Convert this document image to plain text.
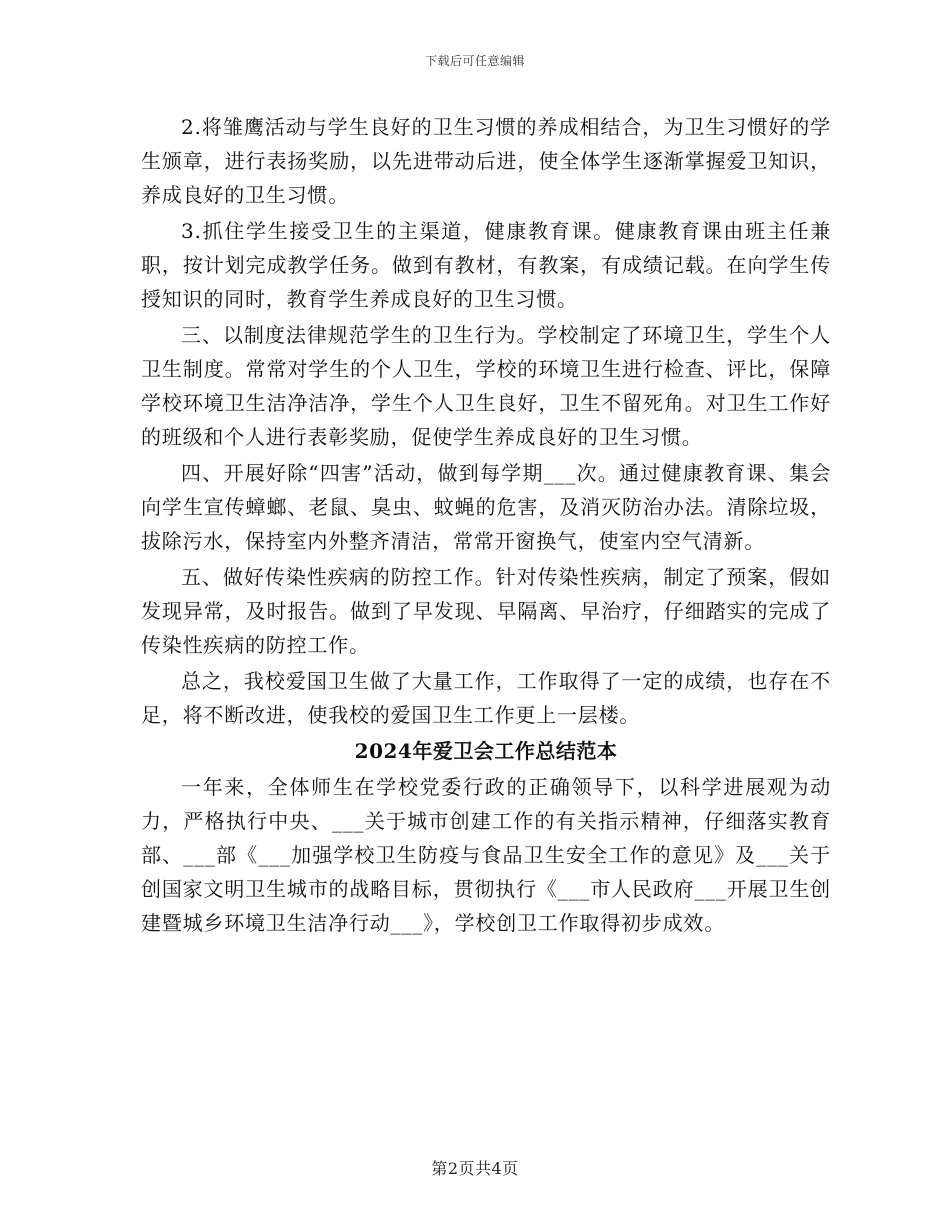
下载后可任意编辑

2.将雏鹰活动与学生良好的卫生习惯的养成相结合，为卫生习惯好的学生颁章，进行表扬奖励，以先进带动后进，使全体学生逐渐掌握爱卫知识，养成良好的卫生习惯。

3.抓住学生接受卫生的主渠道，健康教育课。健康教育课由班主任兼职，按计划完成教学任务。做到有教材，有教案，有成绩记载。在向学生传授知识的同时，教育学生养成良好的卫生习惯。

三、以制度法律规范学生的卫生行为。学校制定了环境卫生，学生个人卫生制度。常常对学生的个人卫生，学校的环境卫生进行检查、评比，保障学校环境卫生洁净洁净，学生个人卫生良好，卫生不留死角。对卫生工作好的班级和个人进行表彰奖励，促使学生养成良好的卫生习惯。

四、开展好除“四害”活动，做到每学期___次。通过健康教育课、集会向学生宣传蟑螂、老鼠、臭虫、蚊蝇的危害，及消灭防治办法。清除垃圾，拔除污水，保持室内外整齐清洁，常常开窗换气，使室内空气清新。

五、做好传染性疾病的防控工作。针对传染性疾病，制定了预案，假如发现异常，及时报告。做到了早发现、早隔离、早治疗，仔细踏实的完成了传染性疾病的防控工作。

总之，我校爱国卫生做了大量工作，工作取得了一定的成绩，也存在不足，将不断改进，使我校的爱国卫生工作更上一层楼。

2024年爱卫会工作总结范本

一年来，全体师生在学校党委行政的正确领导下，以科学进展观为动力，严格执行中央、___关于城市创建工作的有关指示精神，仔细落实教育部、___部《___加强学校卫生防疫与食品卫生安全工作的意见》及___关于创国家文明卫生城市的战略目标，贯彻执行《___市人民政府___开展卫生创建暨城乡环境卫生洁净行动___》，学校创卫工作取得初步成效。

第2页共4页
